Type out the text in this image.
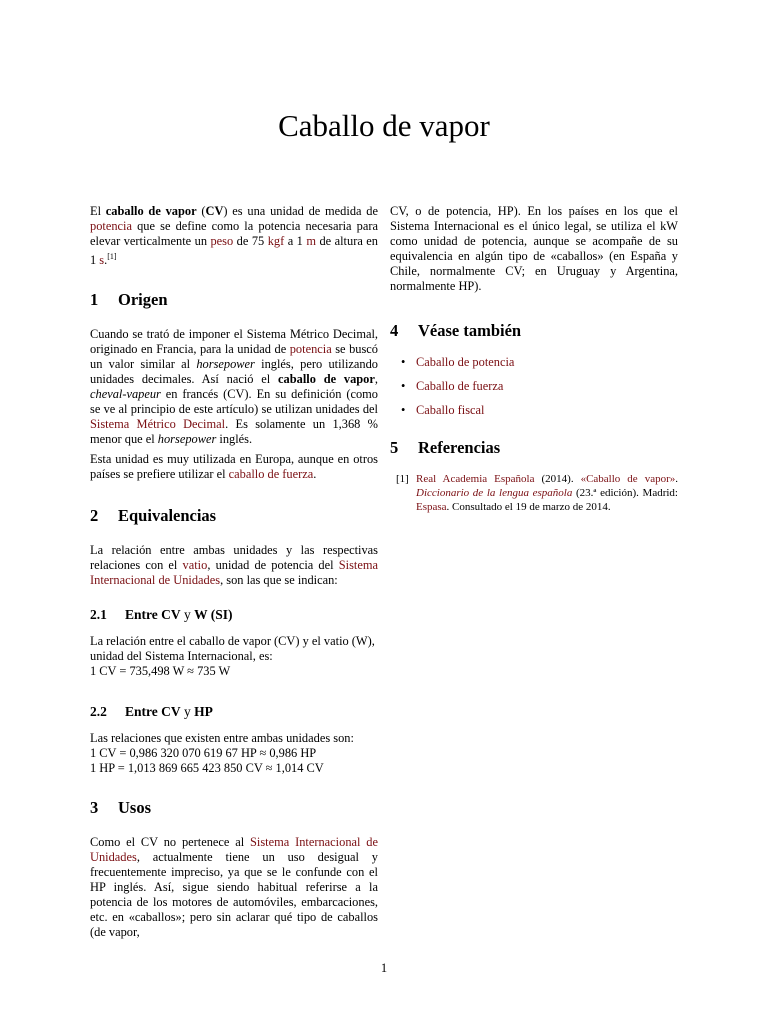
Caballo de vapor

El caballo de vapor (CV) es una unidad de medida de potencia que se define como la potencia necesaria para elevar verticalmente un peso de 75 kgf a 1 m de altura en 1 s.[1]

1 Origen

Cuando se trató de imponer el Sistema Métrico Decimal, originado en Francia, para la unidad de potencia se buscó un valor similar al horsepower inglés, pero utilizando unidades decimales. Así nació el caballo de vapor, cheval-vapeur en francés (CV). En su definición (como se ve al principio de este artículo) se utilizan unidades del Sistema Métrico Decimal. Es solamente un 1,368 % menor que el horsepower inglés.

Esta unidad es muy utilizada en Europa, aunque en otros países se prefiere utilizar el caballo de fuerza.

2 Equivalencias

La relación entre ambas unidades y las respectivas relaciones con el vatio, unidad de potencia del Sistema Internacional de Unidades, son las que se indican:

2.1 Entre CV y W (SI)
La relación entre el caballo de vapor (CV) y el vatio (W), unidad del Sistema Internacional, es:
1 CV = 735,498 W ≈ 735 W
2.2 Entre CV y HP
Las relaciones que existen entre ambas unidades son:
1 CV = 0,986 320 070 619 67 HP ≈ 0,986 HP
1 HP = 1,013 869 665 423 850 CV ≈ 1,014 CV
3 Usos

Como el CV no pertenece al Sistema Internacional de Unidades, actualmente tiene un uso desigual y frecuentemente impreciso, ya que se le confunde con el HP inglés. Así, sigue siendo habitual referirse a la potencia de los motores de automóviles, embarcaciones, etc. en «caballos»; pero sin aclarar qué tipo de caballos (de vapor,

CV, o de potencia, HP). En los países en los que el Sistema Internacional es el único legal, se utiliza el kW como unidad de potencia, aunque se acompañe de su equivalencia en algún tipo de «caballos» (en España y Chile, normalmente CV; en Uruguay y Argentina, normalmente HP).

4 Véase también
• Caballo de potencia
• Caballo de fuerza
• Caballo fiscal
5 Referencias
[1] Real Academia Española (2014). «Caballo de vapor». Diccionario de la lengua española (23.ª edición). Madrid: Espasa. Consultado el 19 de marzo de 2014.
1
